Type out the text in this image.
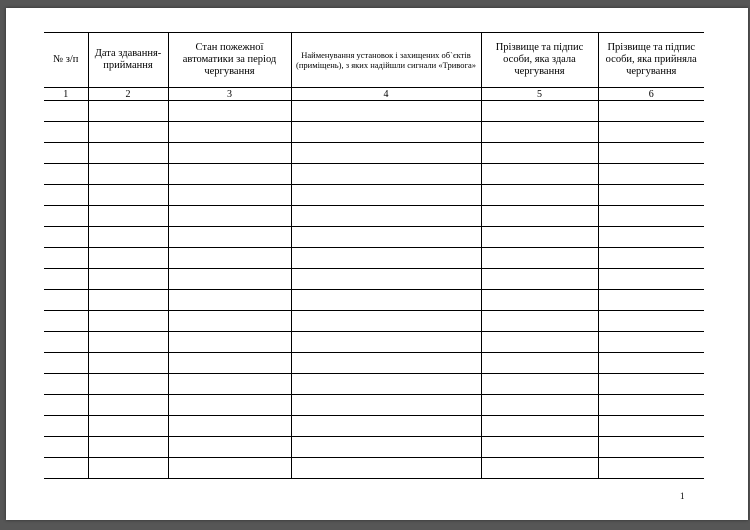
№ з/п	Дата здавання-приймання	Стан пожежної автоматики за період чергування	Найменування установок і захищених об`єктів (приміщень), з яких надійшли сигнали «Тривога»	Прізвище та підпис особи, яка здала чергування	Прізвище та підпис особи, яка прийняла чергування
1	2	3	4	5	6

1
